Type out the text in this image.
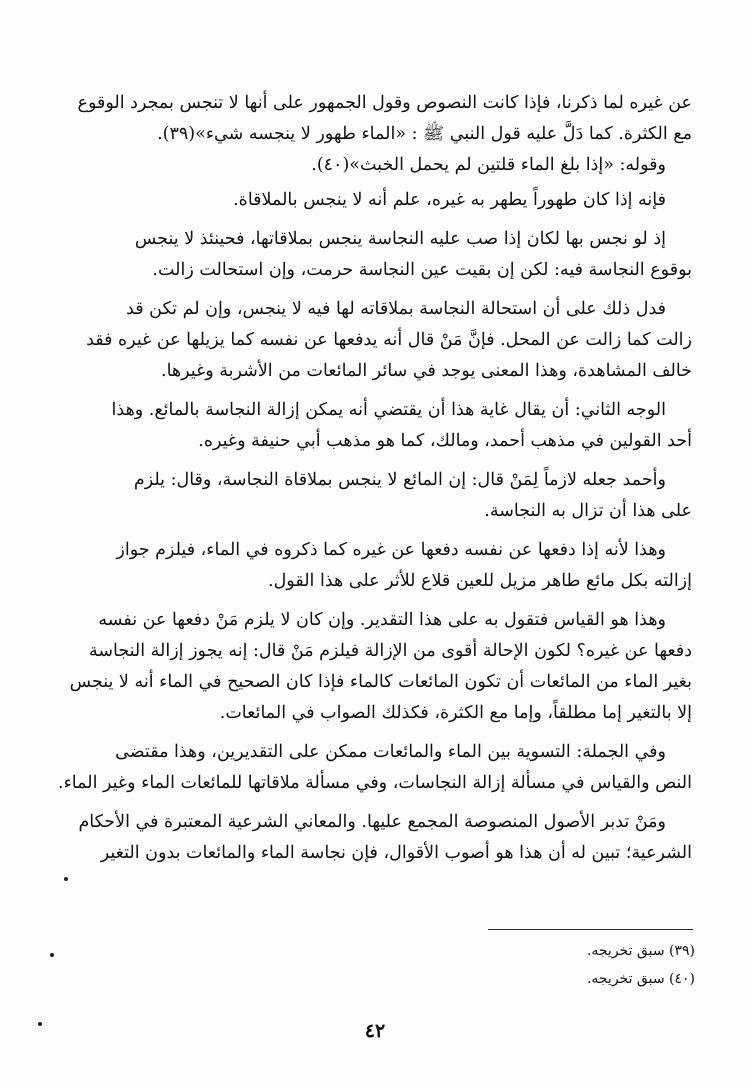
عن غيره لما ذكرنا، فإذا كانت النصوص وقول الجمهور على أنها لا تنجس بمجرد الوقوع

مع الكثرة. كما دَلَّ عليه قول النبي ﷺ : «الماء طهور لا ينجسه شيء»(٣٩).

وقوله: «إذا بلغ الماء قلتين لم يحمل الخبث»(٤٠).

فإنه إذا كان طهوراً يطهر به غيره، علم أنه لا ينجس بالملاقاة.

إذ لو نجس بها لكان إذا صب عليه النجاسة ينجس بملاقاتها، فحينئذ لا ينجس

بوقوع النجاسة فيه: لكن إن بقيت عين النجاسة حرمت، وإن استحالت زالت.

فدل ذلك على أن استحالة النجاسة بملاقاته لها فيه لا ينجس، وإن لم تكن قد

زالت كما زالت عن المحل. فإنَّ مَنْ قال أنه يدفعها عن نفسه كما يزيلها عن غيره فقد

خالف المشاهدة، وهذا المعنى يوجد في سائر المائعات من الأشربة وغيرها.

الوجه الثاني: أن يقال غاية هذا أن يقتضي أنه يمكن إزالة النجاسة بالمائع. وهذا

أحد القولين في مذهب أحمد، ومالك، كما هو مذهب أبي حنيفة وغيره.

وأحمد جعله لازماً لِمَنْ قال: إن المائع لا ينجس بملاقاة النجاسة، وقال: يلزم

على هذا أن تزال به النجاسة.

وهذا لأنه إذا دفعها عن نفسه دفعها عن غيره كما ذكروه في الماء، فيلزم جواز

إزالته بكل مائع طاهر مزيل للعين قلاع للأثر على هذا القول.

وهذا هو القياس فتقول به على هذا التقدير. وإن كان لا يلزم مَنْ دفعها عن نفسه

دفعها عن غيره؟ لكون الإحالة أقوى من الإزالة فيلزم مَنْ قال: إنه يجوز إزالة النجاسة

بغير الماء من المائعات أن تكون المائعات كالماء فإذا كان الصحيح في الماء أنه لا ينجس

إلا بالتغير إما مطلقاً، وإما مع الكثرة، فكذلك الصواب في المائعات.

وفي الجملة: التسوية بين الماء والمائعات ممكن على التقديرين، وهذا مقتضى

النص والقياس في مسألة إزالة النجاسات، وفي مسألة ملاقاتها للمائعات الماء وغير الماء.

ومَنْ تدبر الأصول المنصوصة المجمع عليها. والمعاني الشرعية المعتبرة في الأحكام

الشرعية؛ تبين له أن هذا هو أصوب الأقوال، فإن نجاسة الماء والمائعات بدون التغير

(٣٩) سبق تخريجه.
(٤٠) سبق تخريجه.
٤٢
